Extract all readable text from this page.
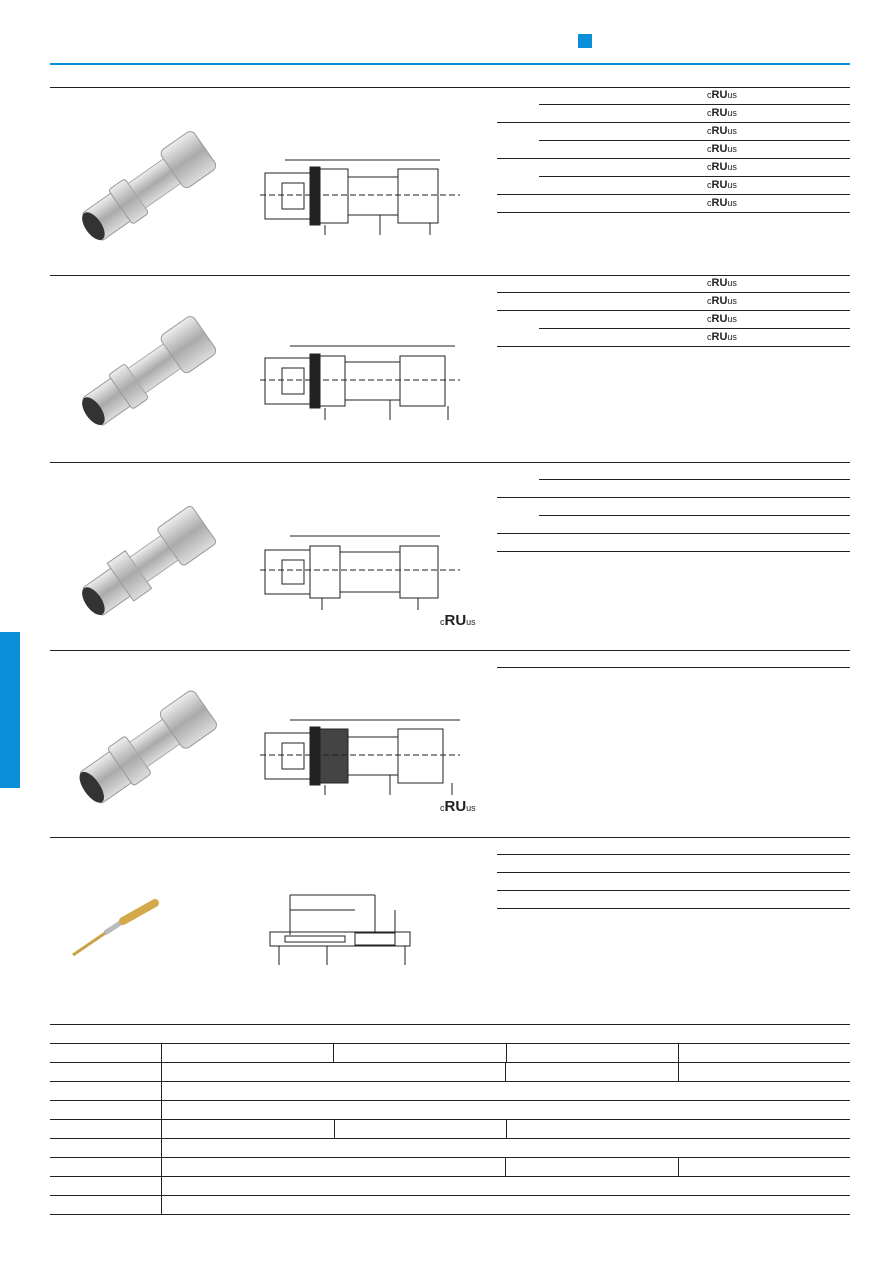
cRUus
cRUus
cRUus
cRUus
cRUus
cRUus
cRUus
cRUus
cRUus
cRUus
cRUus
cRUus
cRUus
